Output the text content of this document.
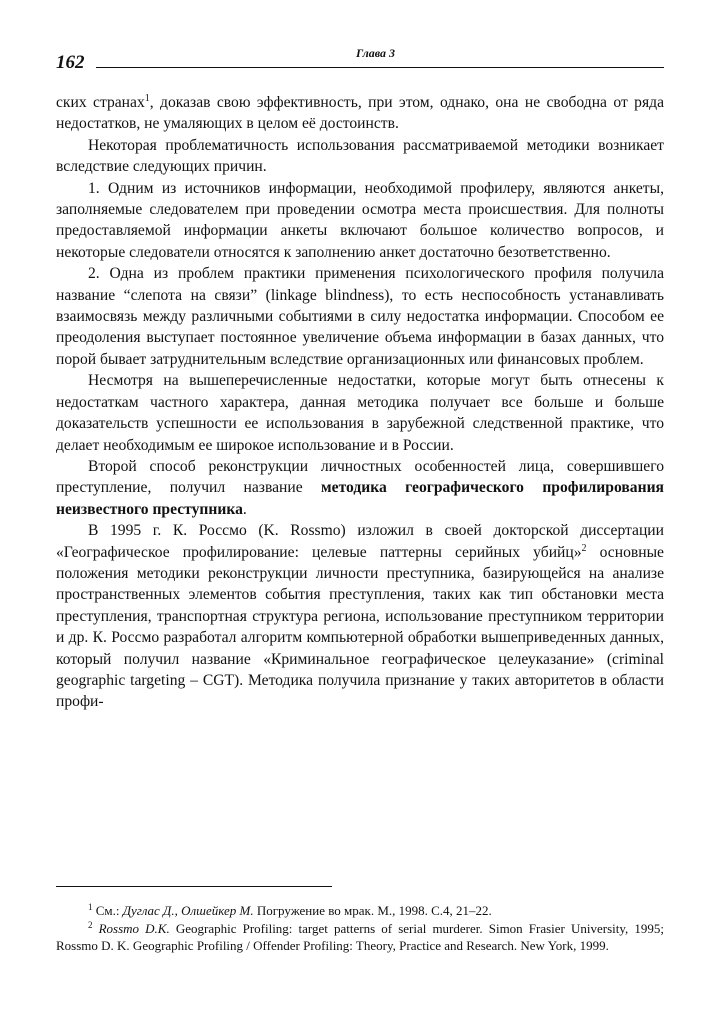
162	Глава 3

ских странах$^1$, доказав свою эффективность, при этом, однако, она не свободна от ряда недостатков, не умаляющих в целом её достоинств.

Некоторая проблематичность использования рассматриваемой методики возникает вследствие следующих причин.

1. Одним из источников информации, необходимой профилеру, являются анкеты, заполняемые следователем при проведении осмотра места происшествия. Для полноты предоставляемой информации анкеты включают большое количество вопросов, и некоторые следователи относятся к заполнению анкет достаточно безответственно.

2. Одна из проблем практики применения психологического профиля получила название “слепота на связи” (linkage blindness), то есть неспособность устанавливать взаимосвязь между различными событиями в силу недостатка информации. Способом ее преодоления выступает постоянное увеличение объема информации в базах данных, что порой бывает затруднительным вследствие организационных или финансовых проблем.

Несмотря на вышеперечисленные недостатки, которые могут быть отнесены к недостаткам частного характера, данная методика получает все больше и больше доказательств успешности ее использования в зарубежной следственной практике, что делает необходимым ее широкое использование и в России.

Второй способ реконструкции личностных особенностей лица, совершившего преступление, получил название методика географического профилирования неизвестного преступника.

В 1995 г. К. Россмо (K. Rossmo) изложил в своей докторской диссертации «Географическое профилирование: целевые паттерны серийных убийц»$^2$ основные положения методики реконструкции личности преступника, базирующейся на анализе пространственных элементов события преступления, таких как тип обстановки места преступления, транспортная структура региона, использование преступником территории и др. К. Россмо разработал алгоритм компьютерной обработки вышеприведенных данных, который получил название «Криминальное географическое целеуказание» (criminal geographic targeting – CGT). Методика получила признание у таких авторитетов в области профи-

$^1$ См.: Дуглас Д., Олшейкер М. Погружение во мрак. М., 1998. С.4, 21–22.

$^2$ Rossmo D.K. Geographic Profiling: target patterns of serial murderer. Simon Frasier University, 1995; Rossmo D. K. Geographic Profiling / Offender Profiling: Theory, Practice and Research. New York, 1999.
